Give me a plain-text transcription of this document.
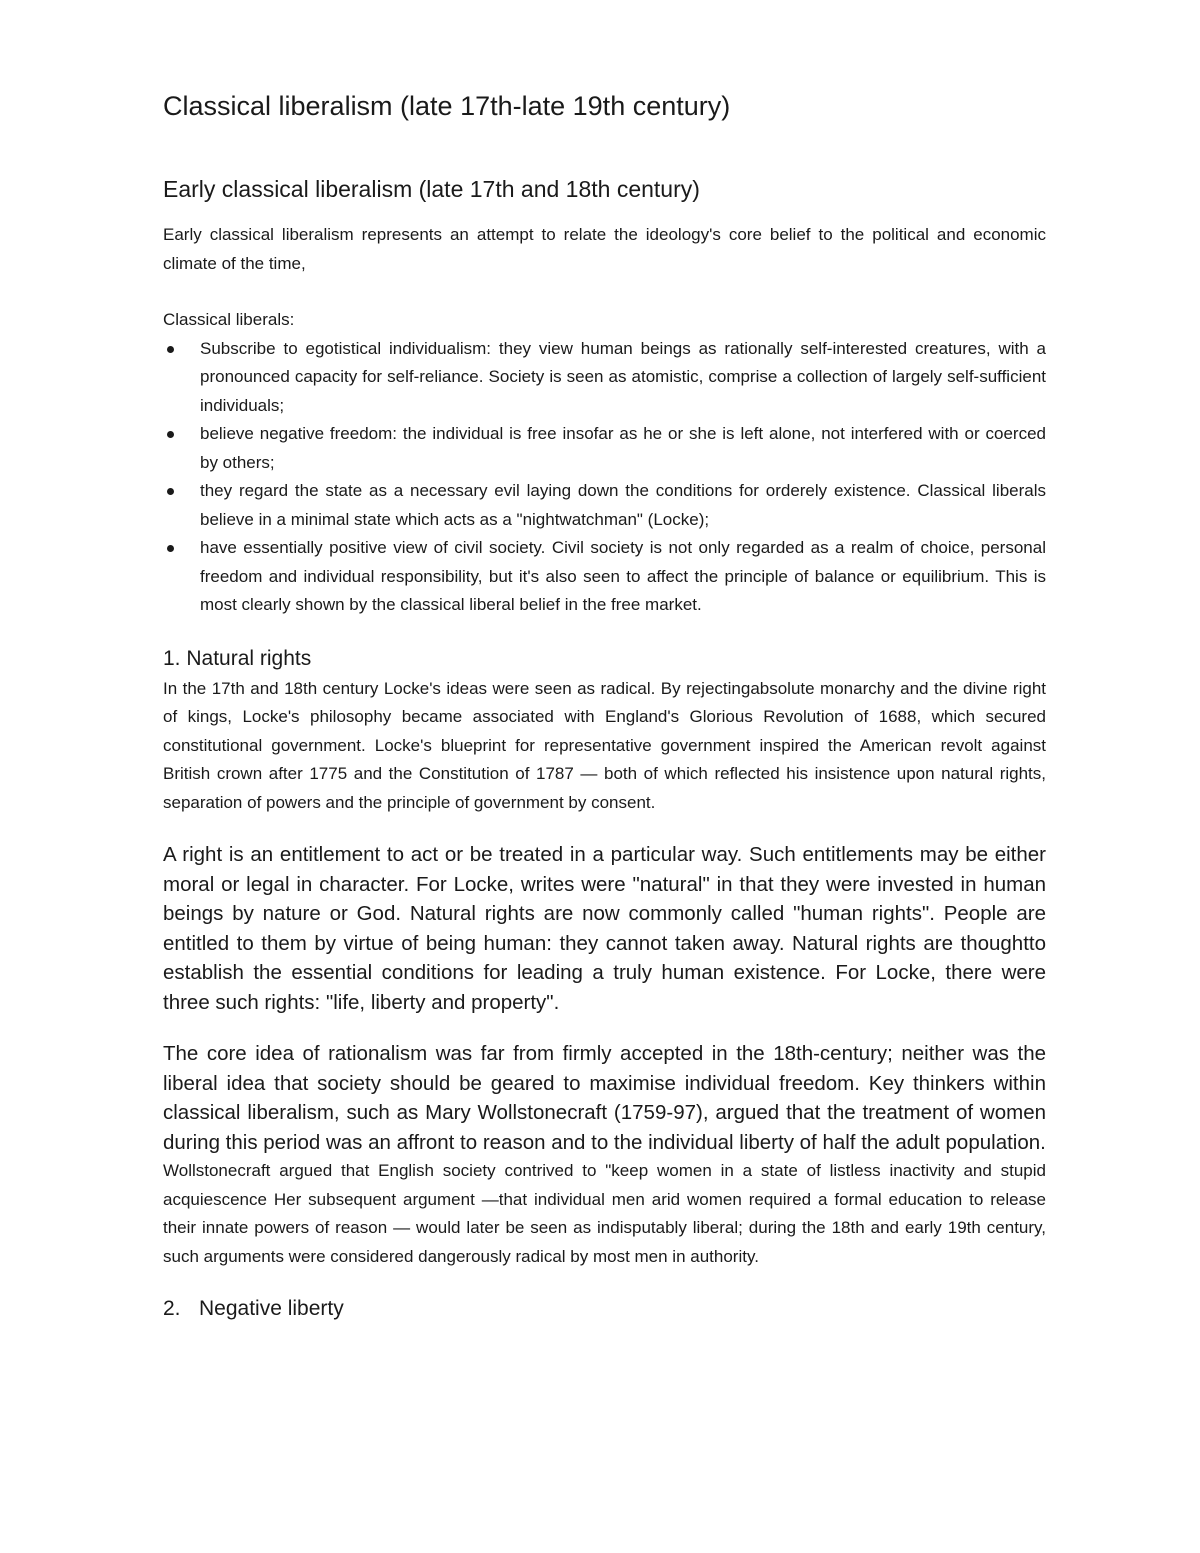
Classical liberalism (late 17th-late 19th century)
Early classical liberalism (late 17th and 18th century)

Early classical liberalism represents an attempt to relate the ideology's core belief to the political and economic climate of the time,

Classical liberals:

Subscribe to egotistical individualism: they view human beings as rationally self-interested creatures, with a pronounced capacity for self-reliance. Society is seen as atomistic, comprise a collection of largely self-sufficient individuals;
believe negative freedom: the individual is free insofar as he or she is left alone, not interfered with or coerced by others;
they regard the state as a necessary evil laying down the conditions for orderely existence. Classical liberals believe in a minimal state which acts as a "nightwatchman" (Locke);
have essentially positive view of civil society. Civil society is not only regarded as a realm of choice, personal freedom and individual responsibility, but it's also seen to affect the principle of balance or equilibrium. This is most clearly shown by the classical liberal belief in the free market.
1. Natural rights

In the 17th and 18th century Locke's ideas were seen as radical. By rejectingabsolute monarchy and the divine right of kings, Locke's philosophy became associated with England's Glorious Revolution of 1688, which secured constitutional government. Locke's blueprint for representative government inspired the American revolt against British crown after 1775 and the Constitution of 1787 — both of which reflected his insistence upon natural rights, separation of powers and the principle of government by consent.

A right is an entitlement to act or be treated in a particular way. Such entitlements may be either moral or legal in character. For Locke, writes were "natural" in that they were invested in human beings by nature or God. Natural rights are now commonly called "human rights". People are entitled to them by virtue of being human: they cannot taken away. Natural rights are thoughtto establish the essential conditions for leading a truly human existence. For Locke, there were three such rights: "life, liberty and property".

The core idea of rationalism was far from firmly accepted in the 18th-century; neither was the liberal idea that society should be geared to maximise individual freedom. Key thinkers within classical liberalism, such as Mary Wollstonecraft (1759-97), argued that the treatment of women during this period was an affront to reason and to the individual liberty of half the adult population.

Wollstonecraft argued that English society contrived to "keep women in a state of listless inactivity and stupid acquiescence Her subsequent argument —that individual men arid women required a formal education to release their innate powers of reason — would later be seen as indisputably liberal; during the 18th and early 19th century, such arguments were considered dangerously radical by most men in authority.

2. Negative liberty
